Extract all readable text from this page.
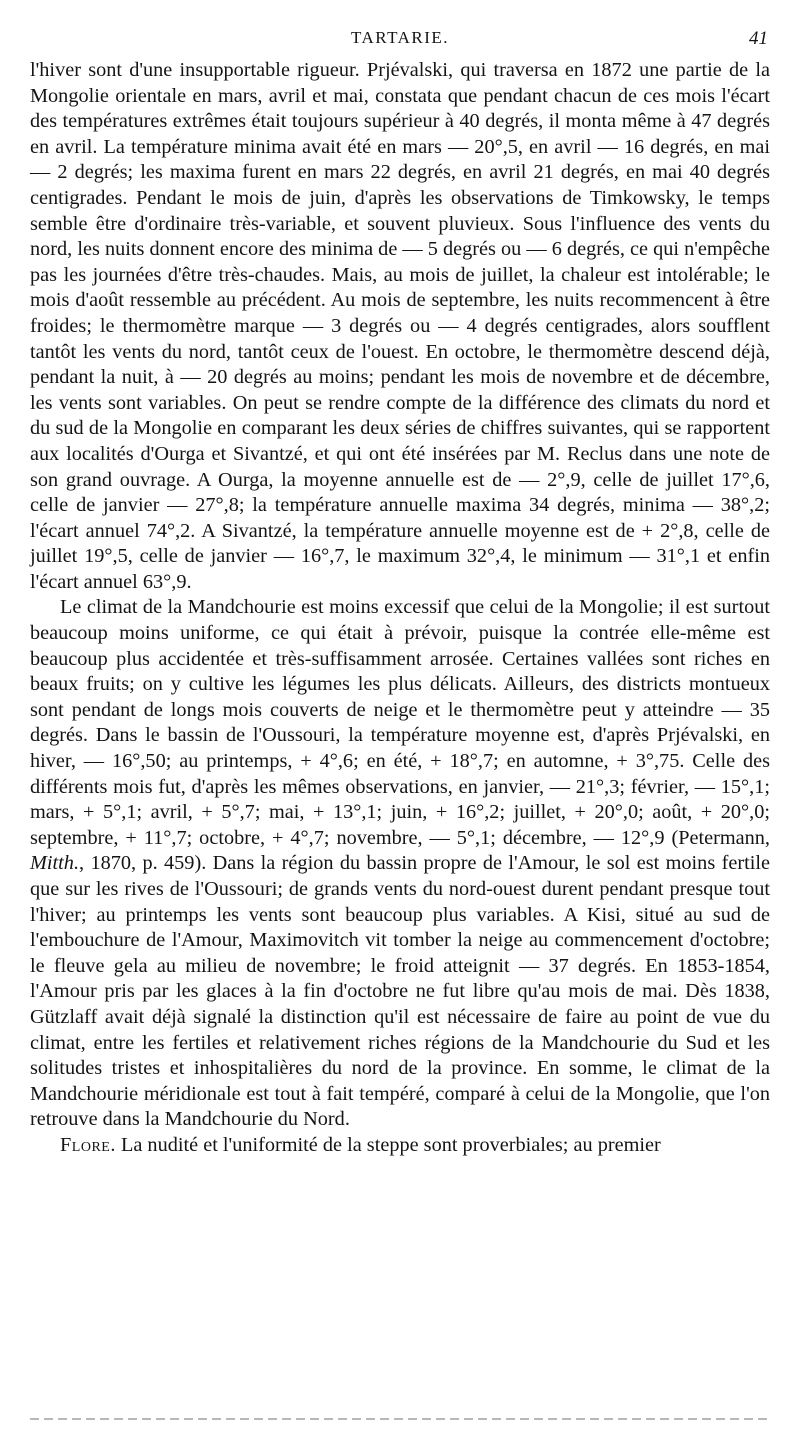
TARTARIE.	41

l'hiver sont d'une insupportable rigueur. Prjévalski, qui traversa en 1872 une partie de la Mongolie orientale en mars, avril et mai, constata que pendant chacun de ces mois l'écart des températures extrêmes était toujours supérieur à 40 degrés, il monta même à 47 degrés en avril. La température minima avait été en mars — 20°,5, en avril — 16 degrés, en mai — 2 degrés; les maxima furent en mars 22 degrés, en avril 21 degrés, en mai 40 degrés centigrades. Pendant le mois de juin, d'après les observations de Timkowsky, le temps semble être d'ordinaire très-variable, et souvent pluvieux. Sous l'influence des vents du nord, les nuits donnent encore des minima de — 5 degrés ou — 6 degrés, ce qui n'empêche pas les journées d'être très-chaudes. Mais, au mois de juillet, la chaleur est intolérable; le mois d'août ressemble au précédent. Au mois de septembre, les nuits recommencent à être froides; le thermomètre marque — 3 degrés ou — 4 degrés centigrades, alors soufflent tantôt les vents du nord, tantôt ceux de l'ouest. En octobre, le thermomètre descend déjà, pendant la nuit, à — 20 degrés au moins; pendant les mois de novembre et de décembre, les vents sont variables. On peut se rendre compte de la différence des climats du nord et du sud de la Mongolie en comparant les deux séries de chiffres suivantes, qui se rapportent aux localités d'Ourga et Sivantzé, et qui ont été insérées par M. Reclus dans une note de son grand ouvrage. A Ourga, la moyenne annuelle est de — 2°,9, celle de juillet 17°,6, celle de janvier — 27°,8; la température annuelle maxima 34 degrés, minima — 38°,2; l'écart annuel 74°,2. A Sivantzé, la température annuelle moyenne est de + 2°,8, celle de juillet 19°,5, celle de janvier — 16°,7, le maximum 32°,4, le minimum — 31°,1 et enfin l'écart annuel 63°,9.

Le climat de la Mandchourie est moins excessif que celui de la Mongolie; il est surtout beaucoup moins uniforme, ce qui était à prévoir, puisque la contrée elle-même est beaucoup plus accidentée et très-suffisamment arrosée. Certaines vallées sont riches en beaux fruits; on y cultive les légumes les plus délicats. Ailleurs, des districts montueux sont pendant de longs mois couverts de neige et le thermomètre peut y atteindre — 35 degrés. Dans le bassin de l'Oussouri, la température moyenne est, d'après Prjévalski, en hiver, — 16°,50; au printemps, + 4°,6; en été, + 18°,7; en automne, + 3°,75. Celle des différents mois fut, d'après les mêmes observations, en janvier, — 21°,3; février, — 15°,1; mars, + 5°,1; avril, + 5°,7; mai, + 13°,1; juin, + 16°,2; juillet, + 20°,0; août, + 20°,0; septembre, + 11°,7; octobre, + 4°,7; novembre, — 5°,1; décembre, — 12°,9 (Petermann, Mitth., 1870, p. 459). Dans la région du bassin propre de l'Amour, le sol est moins fertile que sur les rives de l'Oussouri; de grands vents du nord-ouest durent pendant presque tout l'hiver; au printemps les vents sont beaucoup plus variables. A Kisi, situé au sud de l'embouchure de l'Amour, Maximovitch vit tomber la neige au commencement d'octobre; le fleuve gela au milieu de novembre; le froid atteignit — 37 degrés. En 1853-1854, l'Amour pris par les glaces à la fin d'octobre ne fut libre qu'au mois de mai. Dès 1838, Gützlaff avait déjà signalé la distinction qu'il est nécessaire de faire au point de vue du climat, entre les fertiles et relativement riches régions de la Mandchourie du Sud et les solitudes tristes et inhospitalières du nord de la province. En somme, le climat de la Mandchourie méridionale est tout à fait tempéré, comparé à celui de la Mongolie, que l'on retrouve dans la Mandchourie du Nord.

Flore. La nudité et l'uniformité de la steppe sont proverbiales; au premier
